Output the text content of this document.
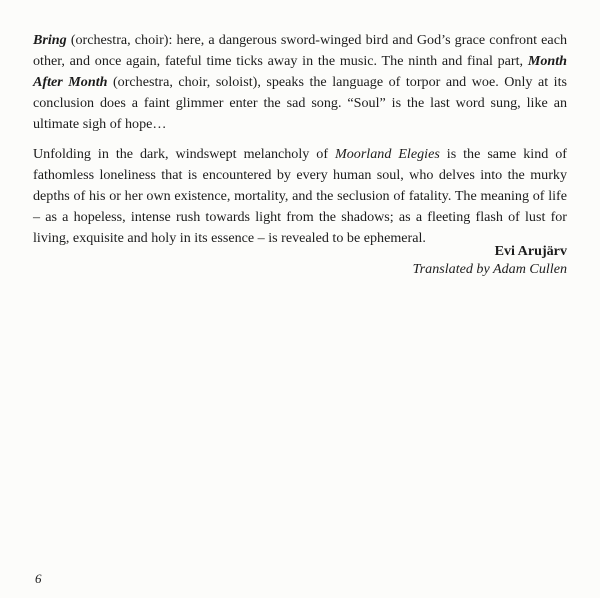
Bring (orchestra, choir): here, a dangerous sword-winged bird and God’s grace confront each other, and once again, fateful time ticks away in the music. The ninth and final part, Month After Month (orchestra, choir, soloist), speaks the language of torpor and woe. Only at its conclusion does a faint glimmer enter the sad song. “Soul” is the last word sung, like an ultimate sigh of hope…
Unfolding in the dark, windswept melancholy of Moorland Elegies is the same kind of fathomless loneliness that is encountered by every human soul, who delves into the murky depths of his or her own existence, mortality, and the seclusion of fatality. The meaning of life – as a hopeless, intense rush towards light from the shadows; as a fleeting flash of lust for living, exquisite and holy in its essence – is revealed to be ephemeral.
Evi Arujärv
Translated by Adam Cullen
6
